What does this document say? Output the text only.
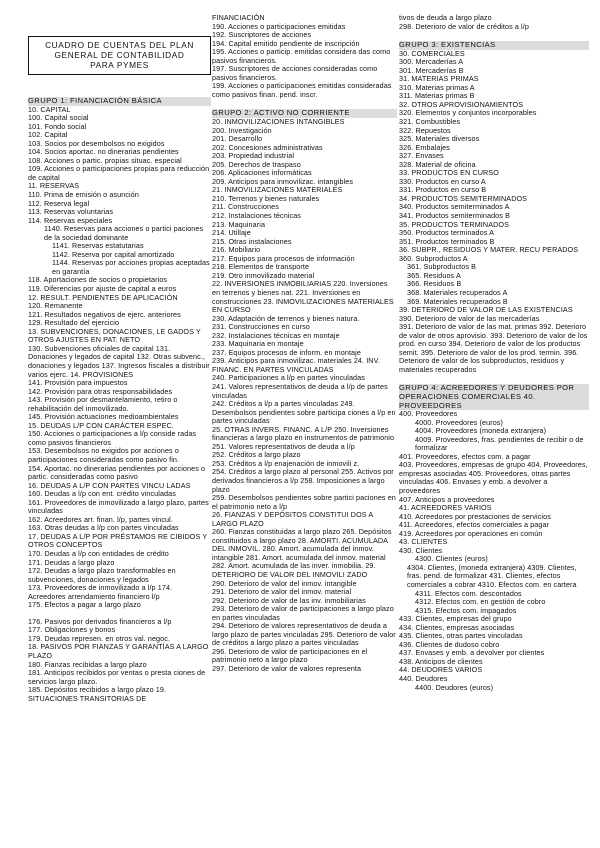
CUADRO DE CUENTAS DEL PLAN
GENERAL DE CONTABILIDAD
PARA PYMES
GRUPO 1: FINANCIACIÓN BÁSICA
10. CAPITAL
100. Capital social
101. Fondo social
102. Capital
103. Socios por desembolsos no exigidos
104. Socios aportac. no dinerarias pendientes
108. Acciones o partic. propias situac. especial
109. Acciones o participaciones propias para reducción de capital
11. RESERVAS
110. Prima de emisión o asunción
112. Reserva legal
113. Reservas voluntarias
114. Reservas especiales
1140. Reservas para acciones o partici paciones de la sociedad dominante
1141. Reservas estatutarias
1142. Reserva por capital amortizado
1144. Reservas por acciones propias aceptadas en garantía
118. Aportaciones de socios o propietarios
119. Diferencias por ajuste de capital a euros
12. RESULT. PENDIENTES DE APLICACIÓN
120. Remanente
121. Resultados negativos de ejerc. anteriores
129. Resultado del ejercicio
13. SUBVENCIONES, DONACIONES, LE GADOS Y OTROS AJUSTES EN PAT. NETO
130. Subvenciones oficiales de capital 131. Donaciones y legados de capital 132. Otras subvenc., donaciones y legados 137. Ingresos fiscales a distribuir varios ejerc. 14. PROVISIONES
141. Provisión para impuestos
142. Provisión para otras responsabilidades
143. Provisión por desmantelamiento, retiro o rehabilitación del inmovilizado.
145. Provisión actuaciones medioambientales
15. DEUDAS L/P CON CARÁCTER ESPEC.
150. Acciones o participaciones a l/p conside radas como pasivos financieros
153. Desembolsos no exigidos por acciones o participaciones consideradas como pasivo fin.
154. Aportac. no dinerarias pendientes por acciones o partic. consideradas como pasivo
16. DEUDAS A L/P CON PARTES VINCU LADAS
160. Deudas a l/p con ent. crédito vinculadas
161. Proveedores de inmovilizado a largo plazo, partes vinculadas
162. Acreedores arr. finan. l/p, partes vincul.
163. Otras deudas a l/p con partes vinculadas
17. DEUDAS A L/P POR PRÉSTAMOS RE CIBIDOS Y OTROS CONCEPTOS
170. Deudas a l/p con entidades de crédito
171. Deudas a largo plazo
172. Deudas a largo plazo transformables en subvenciones, donaciones y legados
173. Proveedores de inmovilizado a l/p 174. Acreedores arrendamiento financiero l/p
175. Efectos a pagar a largo plazo
176. Pasivos por derivados financieros a l/p
177. Obligaciones y bonos
179. Deudas represen. en otros val. negoc.
18. PASIVOS POR FIANZAS Y GARANTÍAS A LARGO PLAZO
180. Fianzas recibidas a largo plazo
181. Anticipos recibidos por ventas o presta ciones de servicios largo plazo.
185. Depósitos recibidos a largo plazo 19. SITUACIONES TRANSITORIAS DE
FINANCIACIÓN
190. Acciones o participaciones emitidas
192. Suscriptores de acciones
194. Capital emitido pendiente de inscripción
195. Acciones o particip. emitidas considera das como pasivos financieros.
197. Suscriptores de acciones consideradas como pasivos financieros.
199. Acciones o participaciones emitidas consideradas como pasivos finan. pend. inscr.
GRUPO 2: ACTIVO NO CORRIENTE
20. INMOVILIZACIONES INTANGIBLES
200. Investigación
201. Desarrollo
202. Concesiones administrativas
203. Propiedad industrial
205. Derechos de traspaso
206. Aplicaciones informáticas
209. Anticipos para inmovilizac. intangibles
21. INMOVILIZACIONES MATERIALES
210. Terrenos y bienes naturales
211. Construcciones
212. Instalaciones técnicas
213. Maquinaria
214. Utillaje
215. Otras instalaciones
216. Mobiliario
217. Equipos para procesos de información
218. Elementos de transporte
219. Otro inmovilizado material
22. INVERSIONES INMOBILIARIAS 220. Inversiones en terrenos y bienes nat. 221. Inversiones en construcciones 23. INMOVILIZACIONES MATERIALES EN CURSO
230. Adaptación de terrenos y bienes natura.
231. Construcciones en curso
232. Instalaciones técnicas en montaje
233. Maquinaria en montaje
237. Equipos procesos de inform. en montaje
239. Anticipos para inmovilizac. materiales 24. INV. FINANC. EN PARTES VINCULADAS
240. Participaciones a l/p en partes vinculadas
241. Valores representativos de deuda a l/p de partes vinculadas
242. Créditos a l/p a partes vinculadas 249. Desembolsos pendientes sobre participa ciones a l/p en partes vinculadas
25. OTRAS INVERS. FINANC. A L/P 250. Inversiones financieras a largo plazo en instrumentos de patrimonio
251. Valores representativos de deuda a l/p
252. Créditos a largo plazo
253. Créditos a l/p enajenación de inmovili z.
254. Créditos a largo plazo al personal 255. Activos por derivados financieros a l/p 258. Imposiciones a largo plazo
259. Desembolsos pendientes sobre partici paciones en el patrimonio neto a l/p
26. FIANZAS Y DEPÓSITOS CONSTITUI DOS A LARGO PLAZO
260. Fianzas constituidas a largo plazo 265. Depósitos constituidos a largo plazo 28. AMORTI. ACUMULADA DEL INMOVIL. 280. Amort. acumulada del inmov. intangible 281. Amort. acumulada del inmov. material 282. Amort. acumulada de las inver. inmobilia. 29. DETERIORO DE VALOR DEL INMOVILI ZADO
290. Deterioro de valor del inmov. intangible
291. Deterioro de valor del inmov. material
292. Deterioro de valor de las inv. inmobiliarias
293. Deterioro de valor de participaciones a largo plazo en partes vinculadas
294. Deterioro de valores representativos de deuda a largo plazo de partes vinculadas 295. Deterioro de valor de créditos a largo plazo a partes vinculadas
296. Deterioro de valor de participaciones en el patrimonio neto a largo plazo
297. Deterioro de valor de valores representa
tivos de deuda a largo plazo
298. Deterioro de valor de créditos a l/p
GRUPO 3: EXISTENCIAS
30. COMERCIALES
300. Mercaderías A
301. Mercaderías B
31. MATERIAS PRIMAS
310. Materias primas A
311. Materias primas B
32. OTROS APROVISIONAMIENTOS
320. Elementos y conjuntos incorporables
321. Combustibles
322. Repuestos
325. Materiales diversos
326. Embalajes
327. Envases
328. Material de oficina
33. PRODUCTOS EN CURSO
330. Productos en curso A
331. Productos en curso B
34. PRODUCTOS SEMITERMINADOS
340. Productos semiterminados A
341. Productos semiterminados B
35. PRODUCTOS TERMINADOS
350. Productos terminados A
351. Productos terminados B
36. SUBPR., RESIDUOS Y MATER. RECU PERADOS
360. Subproductos A
361. Subproductos B
365. Residuos A
366. Residuos B
368. Materiales recuperados A
369. Materiales recuperados B
39. DETERIORO DE VALOR DE LAS EXISTENCIAS
390. Deterioro de valor de las mercaderías
391. Deterioro de valor de las mat. primas 392. Deterioro de valor de otros aprovisio. 393. Deterioro de valor de los prod. en curso 394. Deterioro de valor de los productos semit. 395. Deterioro de valor de los prod. termin. 396. Deterioro de valor de los subproductos, residuos y materiales recuperados
GRUPO 4: ACREEDORES Y DEUDORES POR OPERACIONES COMERCIALES 40. PROVEEDORES
400. Proveedores
4000. Proveedores (euros)
4004. Proveedores (moneda extranjera)
4009. Proveedores, fras. pendientes de recibir o de formalizar
401. Proveedores, efectos com. a pagar
403. Proveedores, empresas de grupo 404. Proveedores, empresas asociadas 405. Proveedores, otras partes vinculadas 406. Envases y emb. a devolver a proveedores
407. Anticipos a proveedores
41. ACREEDORES VARIOS
410. Acreedores por prestaciones de servicios
411. Acreedores, efectos comerciales a pagar
419. Acreedores por operaciones en común
43. CLIENTES
430. Clientes
4300. Clientes (euros)
4304. Clientes, (moneda extranjera) 4309. Clientes, fras. pend. de formalizar 431. Clientes, efectos comerciales a cobrar 4310. Efectos com. en cartera
4311. Efectos com. descontados
4312. Efectos com. en gestión de cobro
4315. Efectos com. impagados
433. Clientes, empresas del grupo
434. Clientes, empresas asociadas
435. Clientes, otras partes vinculadas
436. Clientes de dudoso cobro
437. Envases y emb. a devolver por clientes
438. Anticipos de clientes
44. DEUDORES VARIOS
440. Deudores
4400. Deudores (euros)
